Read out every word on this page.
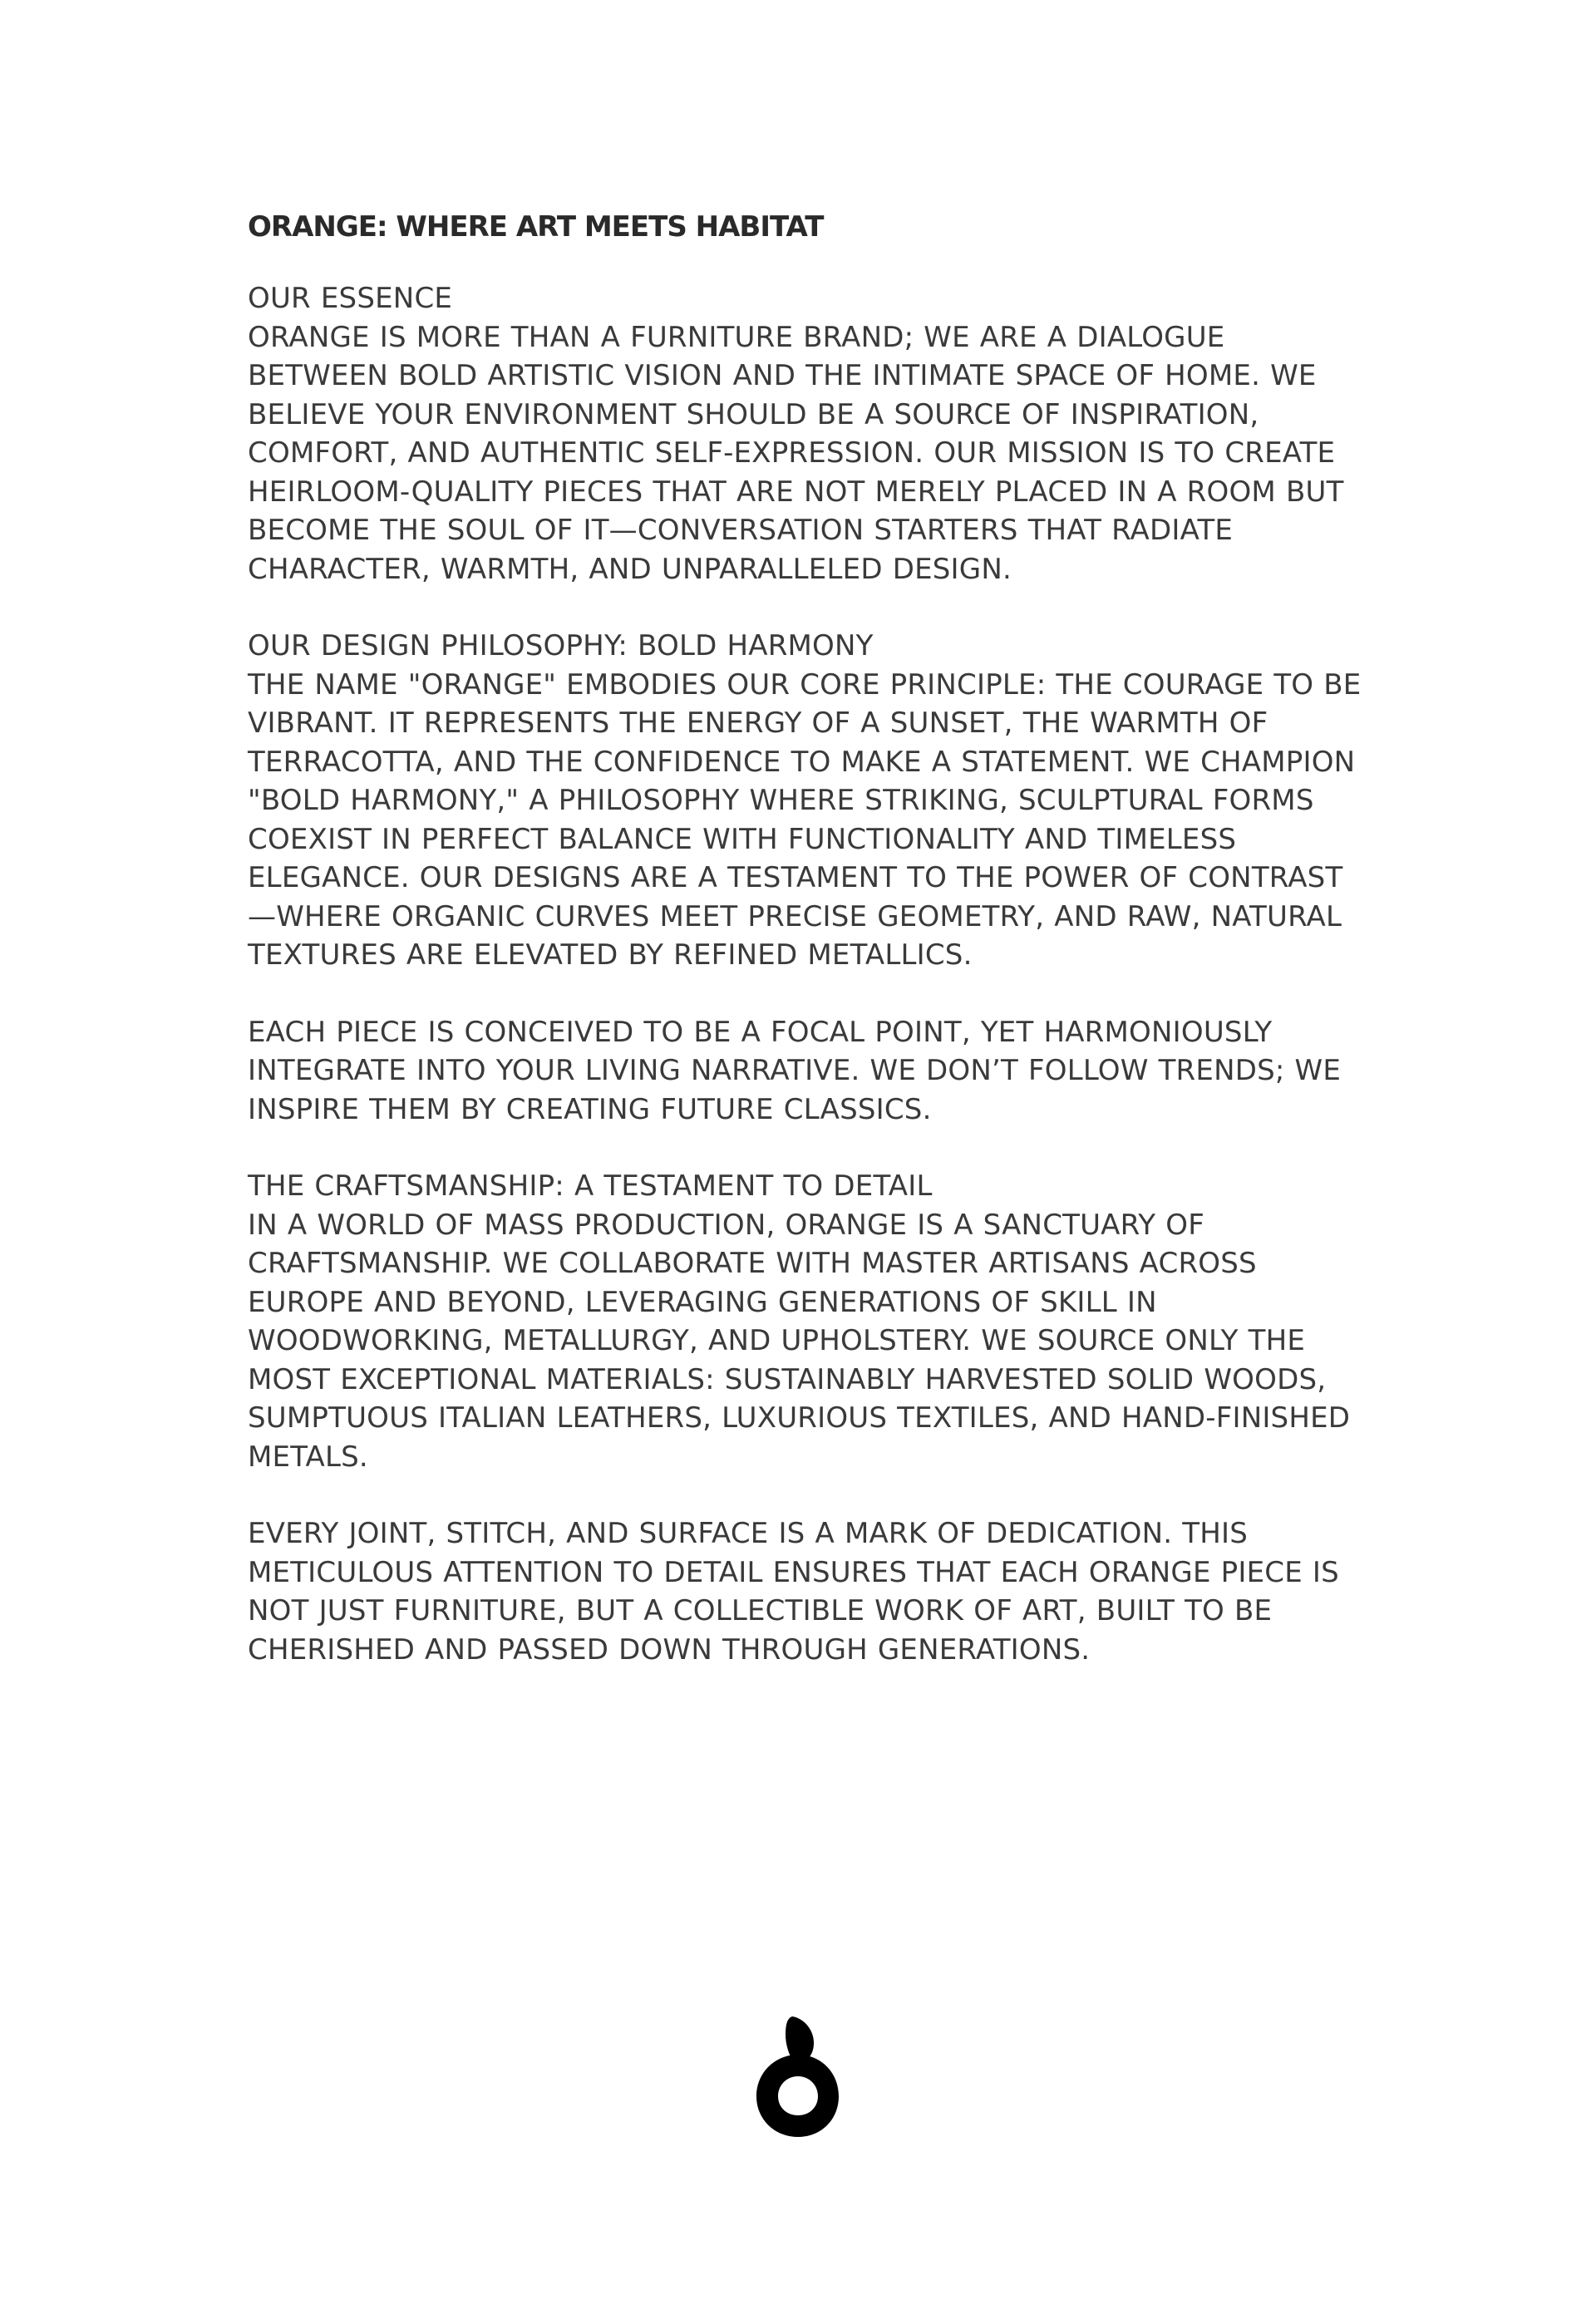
ORANGE: WHERE ART MEETS HABITAT

OUR ESSENCE
ORANGE IS MORE THAN A FURNITURE BRAND; WE ARE A DIALOGUE BETWEEN BOLD ARTISTIC VISION AND THE INTIMATE SPACE OF HOME. WE BELIEVE YOUR ENVIRONMENT SHOULD BE A SOURCE OF INSPIRATION, COMFORT, AND AUTHENTIC SELF-EXPRESSION. OUR MISSION IS TO CREATE HEIRLOOM-QUALITY PIECES THAT ARE NOT MERELY PLACED IN A ROOM BUT BECOME THE SOUL OF IT—CONVERSATION STARTERS THAT RADIATE CHARACTER, WARMTH, AND UNPARALLELED DESIGN.

OUR DESIGN PHILOSOPHY: BOLD HARMONY
THE NAME "ORANGE" EMBODIES OUR CORE PRINCIPLE: THE COURAGE TO BE VIBRANT. IT REPRESENTS THE ENERGY OF A SUNSET, THE WARMTH OF TERRACOTTA, AND THE CONFIDENCE TO MAKE A STATEMENT. WE CHAMPION "BOLD HARMONY," A PHILOSOPHY WHERE STRIKING, SCULPTURAL FORMS COEXIST IN PERFECT BALANCE WITH FUNCTIONALITY AND TIMELESS ELEGANCE. OUR DESIGNS ARE A TESTAMENT TO THE POWER OF CONTRAST—WHERE ORGANIC CURVES MEET PRECISE GEOMETRY, AND RAW, NATURAL TEXTURES ARE ELEVATED BY REFINED METALLICS.

EACH PIECE IS CONCEIVED TO BE A FOCAL POINT, YET HARMONIOUSLY INTEGRATE INTO YOUR LIVING NARRATIVE. WE DON’T FOLLOW TRENDS; WE INSPIRE THEM BY CREATING FUTURE CLASSICS.

THE CRAFTSMANSHIP: A TESTAMENT TO DETAIL
IN A WORLD OF MASS PRODUCTION, ORANGE IS A SANCTUARY OF CRAFTSMANSHIP. WE COLLABORATE WITH MASTER ARTISANS ACROSS EUROPE AND BEYOND, LEVERAGING GENERATIONS OF SKILL IN WOODWORKING, METALLURGY, AND UPHOLSTERY. WE SOURCE ONLY THE MOST EXCEPTIONAL MATERIALS: SUSTAINABLY HARVESTED SOLID WOODS, SUMPTUOUS ITALIAN LEATHERS, LUXURIOUS TEXTILES, AND HAND-FINISHED METALS.

EVERY JOINT, STITCH, AND SURFACE IS A MARK OF DEDICATION. THIS METICULOUS ATTENTION TO DETAIL ENSURES THAT EACH ORANGE PIECE IS NOT JUST FURNITURE, BUT A COLLECTIBLE WORK OF ART, BUILT TO BE CHERISHED AND PASSED DOWN THROUGH GENERATIONS.
